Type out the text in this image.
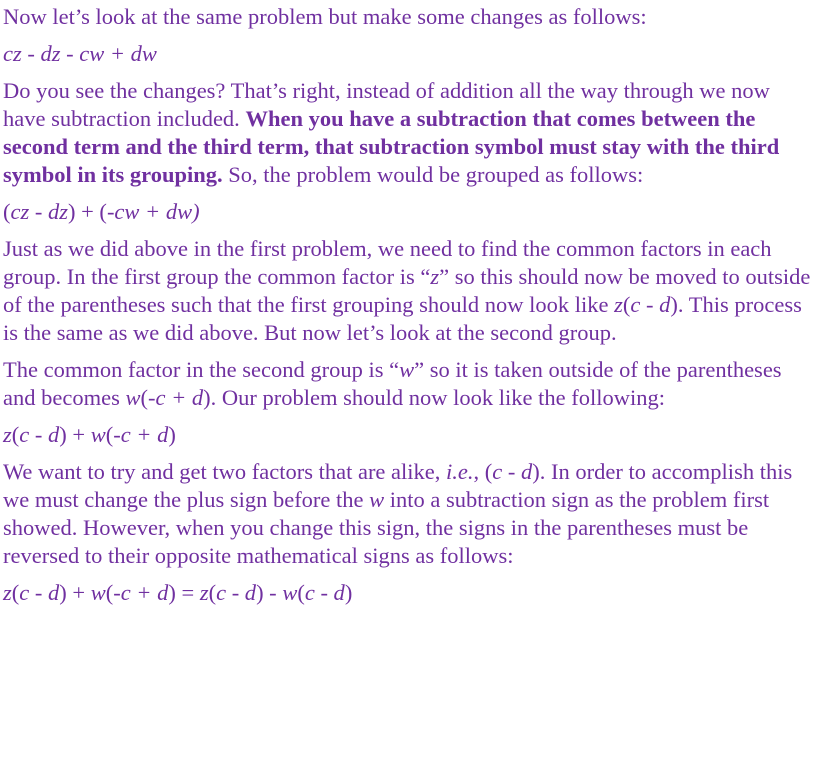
Now let’s look at the same problem but make some changes as follows:

cz - dz - cw + dw

Do you see the changes? That’s right, instead of addition all the way through we now have subtraction included. When you have a subtraction that comes between the second term and the third term, that subtraction symbol must stay with the third symbol in its grouping. So, the problem would be grouped as follows:

(cz - dz) + (-cw + dw)

Just as we did above in the first problem, we need to find the common factors in each group. In the first group the common factor is “z” so this should now be moved to outside of the parentheses such that the first grouping should now look like z(c - d). This process is the same as we did above. But now let’s look at the second group.

The common factor in the second group is “w” so it is taken outside of the parentheses and becomes w(-c + d). Our problem should now look like the following:

z(c - d) + w(-c + d)

We want to try and get two factors that are alike, i.e., (c - d). In order to accomplish this we must change the plus sign before the w into a subtraction sign as the problem first showed. However, when you change this sign, the signs in the parentheses must be reversed to their opposite mathematical signs as follows:

z(c - d) + w(-c + d) = z(c - d) - w(c - d)
